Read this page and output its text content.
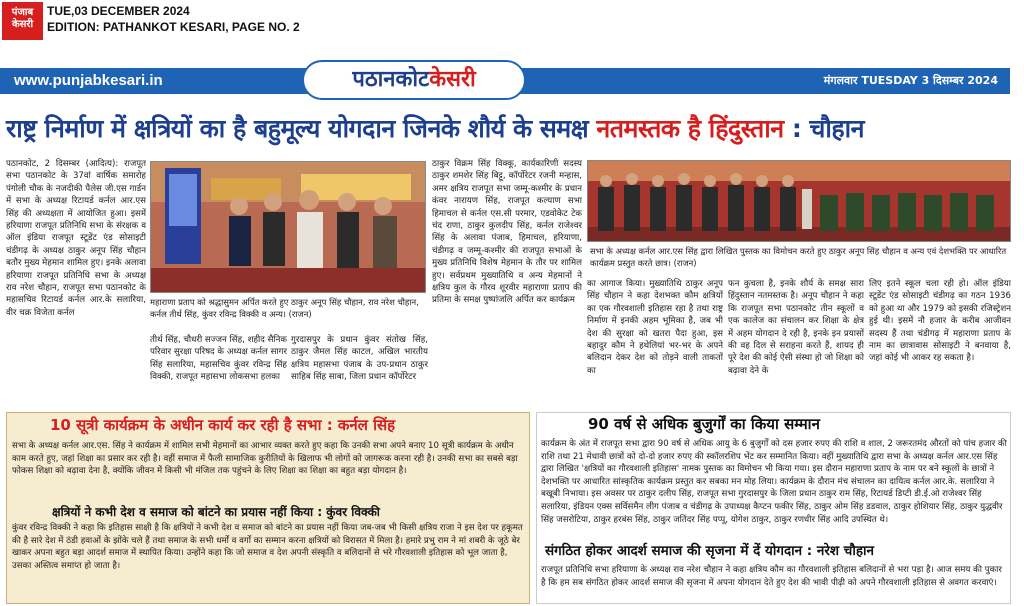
पंजाब
केसरी
TUE,03 DECEMBER 2024
EDITION: PATHANKOT KESARI, PAGE NO. 2
www.punjabkesari.in	मंगलवार TUESDAY 3 दिसम्बर 2024
पठानकोटकेसरी
राष्ट्र निर्माण में क्षत्रियों का है बहुमूल्य योगदान जिनके शौर्य के समक्ष नतमस्तक है हिंदुस्तान : चौहान
पठानकोट, 2 दिसम्बर (आदित्य): राजपूत सभा पठानकोट के 37वां वार्षिक समारोह पंगोली चौक के नजदीकी पैलेस जी.एस गार्डन में सभा के अध्यक्ष रिटायर्ड कर्नल आर.एस सिंह की अध्यक्षता में आयोजित हुआ। इसमें हरियाणा राजपूत प्रतिनिधि सभा के संरक्षक व ऑल इंडिया राजपूत स्टूडेंट एंड सोसाइटी चंडीगढ़ के अध्यक्ष ठाकुर अनूप सिंह चौहान बतौर मुख्य मेहमान शामिल हुए। इनके अलावा हरियाणा राजपूत प्रतिनिधि सभा के अध्यक्ष राव नरेश चौहान, राजपूत सभा पठानकोट के महासचिव रिटायर्ड कर्नल आर.के सलारिया, वीर चक्र विजेता कर्नल
महाराणा प्रताप को श्रद्धासुमन अर्पित करते हुए ठाकुर अनूप सिंह चौहान, राव नरेश चौहान, कर्नल तीर्थ सिंह, कुंवर रविन्द्र विक्की व अन्य। (राजन)
तीर्थ सिंह, चौधरी सज्जन सिंह, शहीद सैनिक परिवार सुरक्षा परिषद के अध्यक्ष कर्नल सागर सिंह सलारिया, महासचिव कुंवर रविन्द्र सिंह विक्की, राजपूत महासभा लोकसभा हलका
गुरदासपुर के प्रधान कुंवर संतोख सिंह, ठाकुर जैमल सिंह काटल, अखिल भारतीय क्षत्रिय महासभा पंजाब के उप-प्रधान ठाकुर साहिब सिंह साबा, जिला प्रधान कॉर्पोरेटर
ठाकुर विक्रम सिंह विक्कू, कार्यकारिणी सदस्य ठाकुर शमशेर सिंह बिट्टू, कॉर्पोरेटर रजनी मन्हास, अमर क्षत्रिय राजपूत सभा जम्मू-कश्मीर के प्रधान कंवर नारायण सिंह, राजपूत कल्याण सभा हिमाचल से कर्नल एस.सी परमार, एडवोकेट टेक चंद राणा, ठाकुर कुलदीप सिंह, कर्नल राजेश्वर सिंह के अलावा पंजाब, हिमाचल, हरियाणा, चंडीगढ़ व जम्मू-कश्मीर की राजपूत सभाओं के मुख्य प्रतिनिधि विशेष मेहमान के तौर पर शामिल हुए। सर्वप्रथम मुख्यातिथि व अन्य मेहमानों ने क्षत्रिय कुल के गौरव शूरवीर महाराणा प्रताप की प्रतिमा के समक्ष पुष्पांजलि अर्पित कर कार्यक्रम
सभा के अध्यक्ष कर्नल आर.एस सिंह द्वारा लिखित पुस्तक का विमोचन करते हुए ठाकुर अनूप सिंह चौहान व अन्य एवं देशभक्ति पर आधारित कार्यक्रम प्रस्तुत करते छात्र। (राजन)
का आगाज किया। मुख्यातिथि ठाकुर अनूप सिंह चौहान ने कहा देशभक्त कौम क्षत्रियों का एक गौरवशाली इतिहास रहा है तथा राष्ट्र निर्माण में इनकी अहम भूमिका है, जब भी देश की सुरक्षा को खतरा पैदा हुआ, इस बहादुर कौम ने हथेलियां भर-भर के अपने बलिदान देकर देश को तोड़ने वाली ताकतों का
फन कुचला है, इनके शौर्य के समक्ष सारा हिंदुस्तान नतमस्तक है। अनूप चौहान ने कहा कि राजपूत सभा पठानकोट तीन स्कूलों व एक कालेज का संचालन कर शिक्षा के क्षेत्र में अहम योगदान दे रही है, इनके इन प्रयासों की वह दिल से सराहना करते हैं, शायद ही पूरे देश की कोई ऐसी संस्था हो जो शिक्षा को बढ़ावा देने के
लिए इतने स्कूल चला रही हो। ऑल इंडिया स्टूडेंट एंड सोसाइटी चंडीगढ़ का गठन 1936 को हुआ था और 1979 को इसकी रजिस्ट्रेशन हुई थी। इसमें नौ हजार के करीब आजीवन सदस्य हैं तथा चंडीगढ़ में महाराणा प्रताप के नाम का छात्रावास सोसाइटी ने बनवाया है, जहां कोई भी आकर रह सकता है।
10 सूत्री कार्यक्रम के अधीन कार्य कर रही है सभा : कर्नल सिंह
सभा के अध्यक्ष कर्नल आर.एस. सिंह ने कार्यक्रम में शामिल सभी मेहमानों का आभार व्यक्त करते हुए कहा कि उनकी सभा अपने बनाए 10 सूत्री कार्यक्रम के अधीन काम करते हुए, जहां शिक्षा का प्रसार कर रही है। वहीं समाज में फैली सामाजिक कुरीतियों के खिलाफ भी लोगों को जागरूक करना रही है। उनकी सभा का सबसे बड़ा फोकस शिक्षा को बढ़ावा देना है, क्योंकि जीवन में किसी भी मंजिल तक पहुंचने के लिए शिक्षा का शिक्षा का बहुत बड़ा योगदान है।
क्षत्रियों ने कभी देश व समाज को बांटने का प्रयास नहीं किया : कुंवर विक्की
कुंवर रविन्द्र विक्की ने कहा कि इतिहास साक्षी है कि क्षत्रियों ने कभी देश व समाज को बांटने का प्रयास नहीं किया जब-जब भी किसी क्षत्रिय राजा ने इस देश पर हकूमत की है सारे देश में ठंडी हवाओं के झोंके चले हैं तथा समाज के सभी धर्मों व वर्गों का सम्मान करना क्षत्रियों को विरासत में मिला है। हमारे प्रभु राम ने मां शबरी के जूठे बेर खाकर अपना बहुत बड़ा आदर्श समाज में स्थापित किया। उन्होंने कहा कि जो समाज व देश अपनी संस्कृति व बलिदानों से भरे गौरवशाली इतिहास को भूल जाता है, उसका अस्तित्व समाप्त हो जाता है।
90 वर्ष से अधिक बुजुर्गों का किया सम्मान
कार्यक्रम के अंत में राजपूत सभा द्वारा 90 वर्ष से अधिक आयु के 6 बुजुर्गों को दस हजार रुपए की राशि व शाल, 2 जरूरतमंद औरतों को पांच हजार की राशि तथा 21 मेधावी छात्रों को दो-दो हजार रुपए की स्कॉलरशिप भेंट कर सम्मानित किया। वहीं मुख्यातिथि द्वारा सभा के अध्यक्ष कर्नल आर.एस सिंह द्वारा लिखित 'क्षत्रियों का गौरवशाली इतिहास' नामक पुस्तक का विमोचन भी किया गया। इस दौरान महाराणा प्रताप के नाम पर बने स्कूलों के छात्रों ने देशभक्ति पर आधारित सांस्कृतिक कार्यक्रम प्रस्तुत कर सबका मन मोह लिया। कार्यक्रम के दौरान मंच संचालन का दायित्व कर्नल आर.के. सलारिया ने बखूबी निभाया। इस अवसर पर ठाकुर दलीप सिंह, राजपूत सभा गुरदासपुर के जिला प्रधान ठाकुर राम सिंह, रिटायर्ड डिप्टी डी.ई.ओ राजेश्वर सिंह सलारिया, इंडियन एक्स सर्विसमैन लीग पंजाब व चंडीगढ़ के उपाध्यक्ष कैप्टन फकीर सिंह, ठाकुर ओम सिंह डडवाल, ठाकुर होशियार सिंह, ठाकुर युद्धवीर सिंह जसरोटिया, ठाकुर हरबंस सिंह, ठाकुर जतिंदर सिंह पप्पू, योगेश ठाकुर, ठाकुर रणधीर सिंह आदि उपस्थित थे।
संगठित होकर आदर्श समाज की सृजना में दें योगदान : नरेश चौहान
राजपूत प्रतिनिधि सभा हरियाणा के अध्यक्ष राव नरेश चौहान ने कहा क्षत्रिय कौम का गौरवशाली इतिहास बलिदानों से भरा पड़ा है। आज समय की पुकार है कि हम सब संगठित होकर आदर्श समाज की सृजना में अपना योगदान देते हुए देश की भावी पीढ़ी को अपने गौरवशाली इतिहास से अवगत करवाएं।
